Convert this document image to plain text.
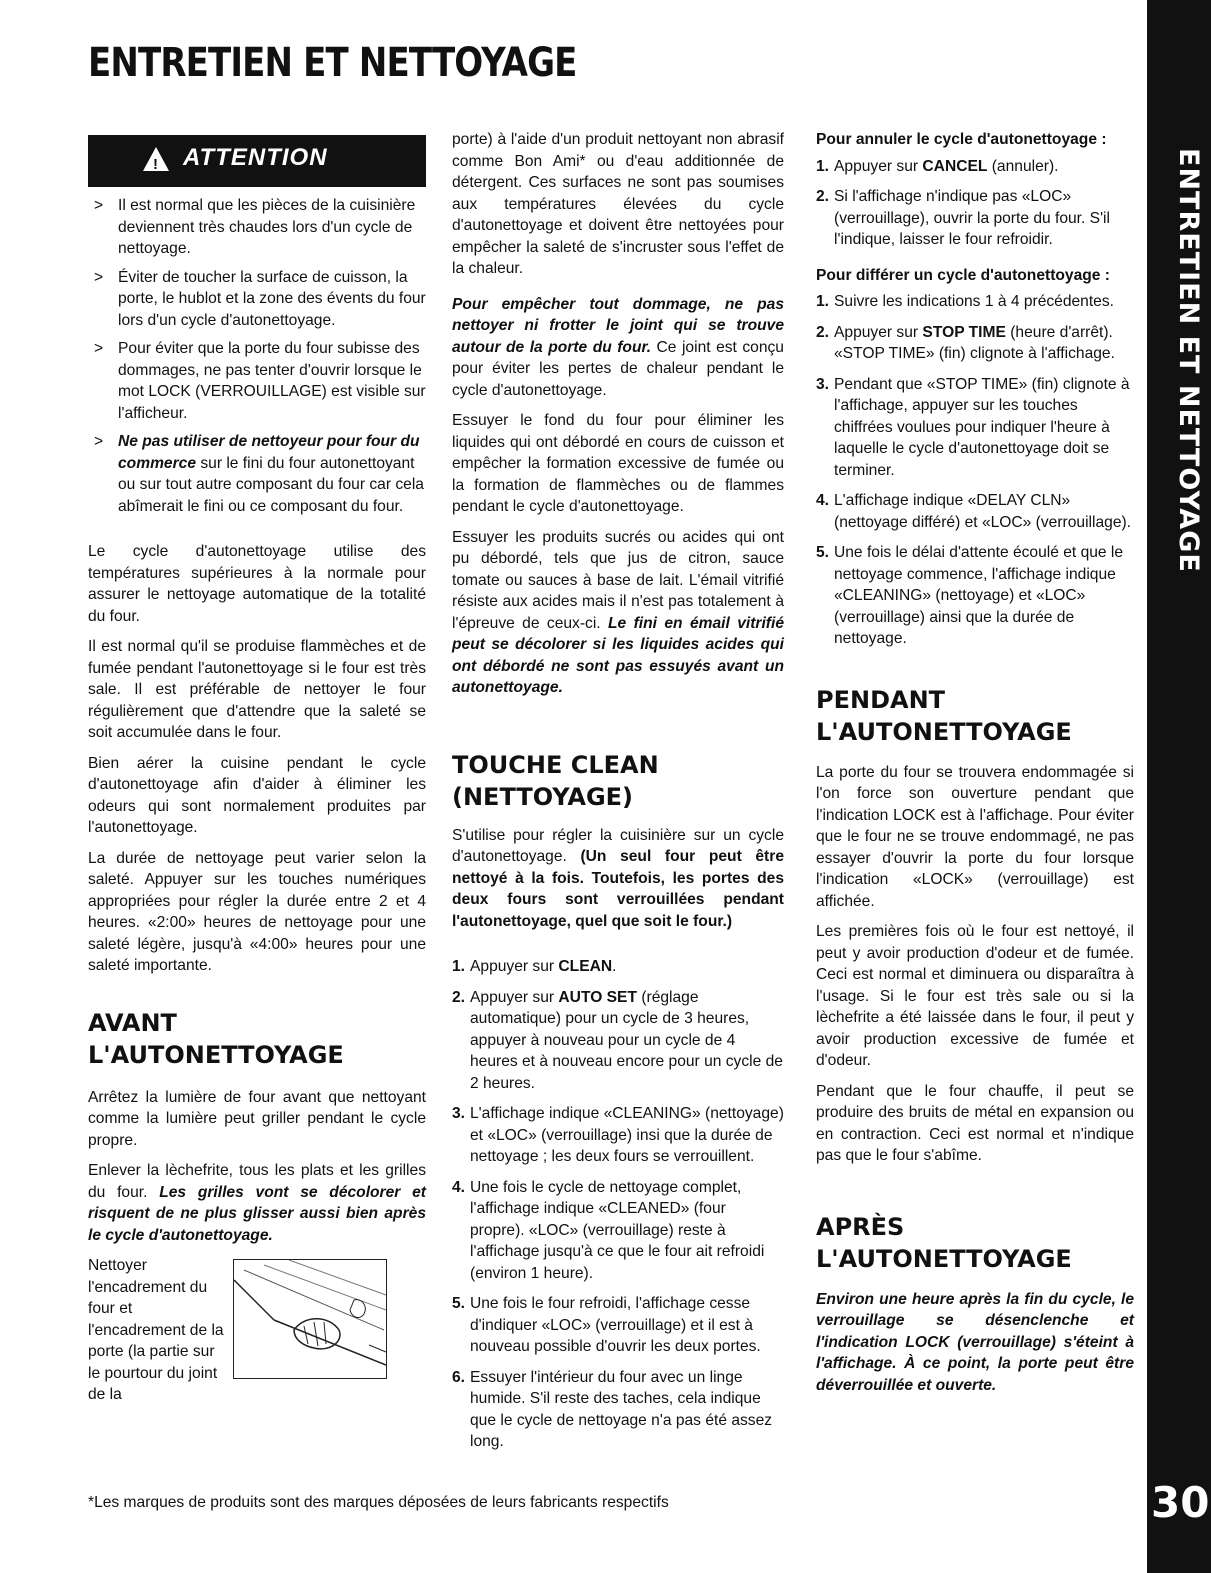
ENTRETIEN ET NETTOYAGE
ENTRETIEN ET NETTOYAGE
30
! ATTENTION
> Il est normal que les pièces de la cuisinière deviennent très chaudes lors d'un cycle de nettoyage.
> Éviter de toucher la surface de cuisson, la porte, le hublot et la zone des évents du four lors d'un cycle d'autonettoyage.
> Pour éviter que la porte du four subisse des dommages, ne pas tenter d'ouvrir lorsque le mot LOCK (VERROUILLAGE) est visible sur l'afficheur.
> Ne pas utiliser de nettoyeur pour four du commerce sur le fini du four autonettoyant ou sur tout autre composant du four car cela abîmerait le fini ou ce composant du four.

Le cycle d'autonettoyage utilise des températures supérieures à la normale pour assurer le nettoyage automatique de la totalité du four.

Il est normal qu'il se produise flammèches et de fumée pendant l'autonettoyage si le four est très sale. Il est préférable de nettoyer le four régulièrement que d'attendre que la saleté se soit accumulée dans le four.

Bien aérer la cuisine pendant le cycle d'autonettoyage afin d'aider à éliminer les odeurs qui sont normalement produites par l'autonettoyage.

La durée de nettoyage peut varier selon la saleté. Appuyer sur les touches numériques appropriées pour régler la durée entre 2 et 4 heures. «2:00» heures de nettoyage pour une saleté légère, jusqu'à «4:00» heures pour une saleté importante.

AVANT L'AUTONETTOYAGE

Arrêtez la lumière de four avant que nettoyant comme la lumière peut griller pendant le cycle propre.

Enlever la lèchefrite, tous les plats et les grilles du four. Les grilles vont se décolorer et risquent de ne plus glisser aussi bien après le cycle d'autonettoyage.

Nettoyer l'encadrement du four et l'encadrement de la porte (la partie sur le pourtour du joint de la

porte) à l'aide d'un produit nettoyant non abrasif comme Bon Ami* ou d'eau additionnée de détergent. Ces surfaces ne sont pas soumises aux températures élevées du cycle d'autonettoyage et doivent être nettoyées pour empêcher la saleté de s'incruster sous l'effet de la chaleur.

Pour empêcher tout dommage, ne pas nettoyer ni frotter le joint qui se trouve autour de la porte du four. Ce joint est conçu pour éviter les pertes de chaleur pendant le cycle d'autonettoyage.

Essuyer le fond du four pour éliminer les liquides qui ont débordé en cours de cuisson et empêcher la formation excessive de fumée ou la formation de flammèches ou de flammes pendant le cycle d'autonettoyage.

Essuyer les produits sucrés ou acides qui ont pu débordé, tels que jus de citron, sauce tomate ou sauces à base de lait. L'émail vitrifié résiste aux acides mais il n'est pas totalement à l'épreuve de ceux-ci. Le fini en émail vitrifié peut se décolorer si les liquides acides qui ont débordé ne sont pas essuyés avant un autonettoyage.

TOUCHE CLEAN (NETTOYAGE)

S'utilise pour régler la cuisinière sur un cycle d'autonettoyage. (Un seul four peut être nettoyé à la fois. Toutefois, les portes des deux fours sont verrouillées pendant l'autonettoyage, quel que soit le four.)

1. Appuyer sur CLEAN.
2. Appuyer sur AUTO SET (réglage automatique) pour un cycle de 3 heures, appuyer à nouveau pour un cycle de 4 heures et à nouveau encore pour un cycle de 2 heures.
3. L'affichage indique «CLEANING» (nettoyage) et «LOC» (verrouillage) insi que la durée de nettoyage ; les deux fours se verrouillent.
4. Une fois le cycle de nettoyage complet, l'affichage indique «CLEANED» (four propre). «LOC» (verrouillage) reste à l'affichage jusqu'à ce que le four ait refroidi (environ 1 heure).
5. Une fois le four refroidi, l'affichage cesse d'indiquer «LOC» (verrouillage) et il est à nouveau possible d'ouvrir les deux portes.
6. Essuyer l'intérieur du four avec un linge humide. S'il reste des taches, cela indique que le cycle de nettoyage n'a pas été assez long.
Pour annuler le cycle d'autonettoyage :
1. Appuyer sur CANCEL (annuler).
2. Si l'affichage n'indique pas «LOC» (verrouillage), ouvrir la porte du four. S'il l'indique, laisser le four refroidir.
Pour différer un cycle d'autonettoyage :
1. Suivre les indications 1 à 4 précédentes.
2. Appuyer sur STOP TIME (heure d'arrêt). «STOP TIME» (fin) clignote à l'affichage.
3. Pendant que «STOP TIME» (fin) clignote à l'affichage, appuyer sur les touches chiffrées voulues pour indiquer l'heure à laquelle le cycle d'autonettoyage doit se terminer.
4. L'affichage indique «DELAY CLN» (nettoyage différé) et «LOC» (verrouillage).
5. Une fois le délai d'attente écoulé et que le nettoyage commence, l'affichage indique «CLEANING» (nettoyage) et «LOC» (verrouillage) ainsi que la durée de nettoyage.
PENDANT
L'AUTONETTOYAGE

La porte du four se trouvera endommagée si l'on force son ouverture pendant que l'indication LOCK est à l'affichage. Pour éviter que le four ne se trouve endommagé, ne pas essayer d'ouvrir la porte du four lorsque l'indication «LOCK» (verrouillage) est affichée.

Les premières fois où le four est nettoyé, il peut y avoir production d'odeur et de fumée. Ceci est normal et diminuera ou disparaîtra à l'usage. Si le four est très sale ou si la lèchefrite a été laissée dans le four, il peut y avoir production excessive de fumée et d'odeur.

Pendant que le four chauffe, il peut se produire des bruits de métal en expansion ou en contraction. Ceci est normal et n'indique pas que le four s'abîme.

APRÈS
L'AUTONETTOYAGE

Environ une heure après la fin du cycle, le verrouillage se désenclenche et l'indication LOCK (verrouillage) s'éteint à l'affichage. À ce point, la porte peut être déverrouillée et ouverte.

*Les marques de produits sont des marques déposées de leurs fabricants respectifs
